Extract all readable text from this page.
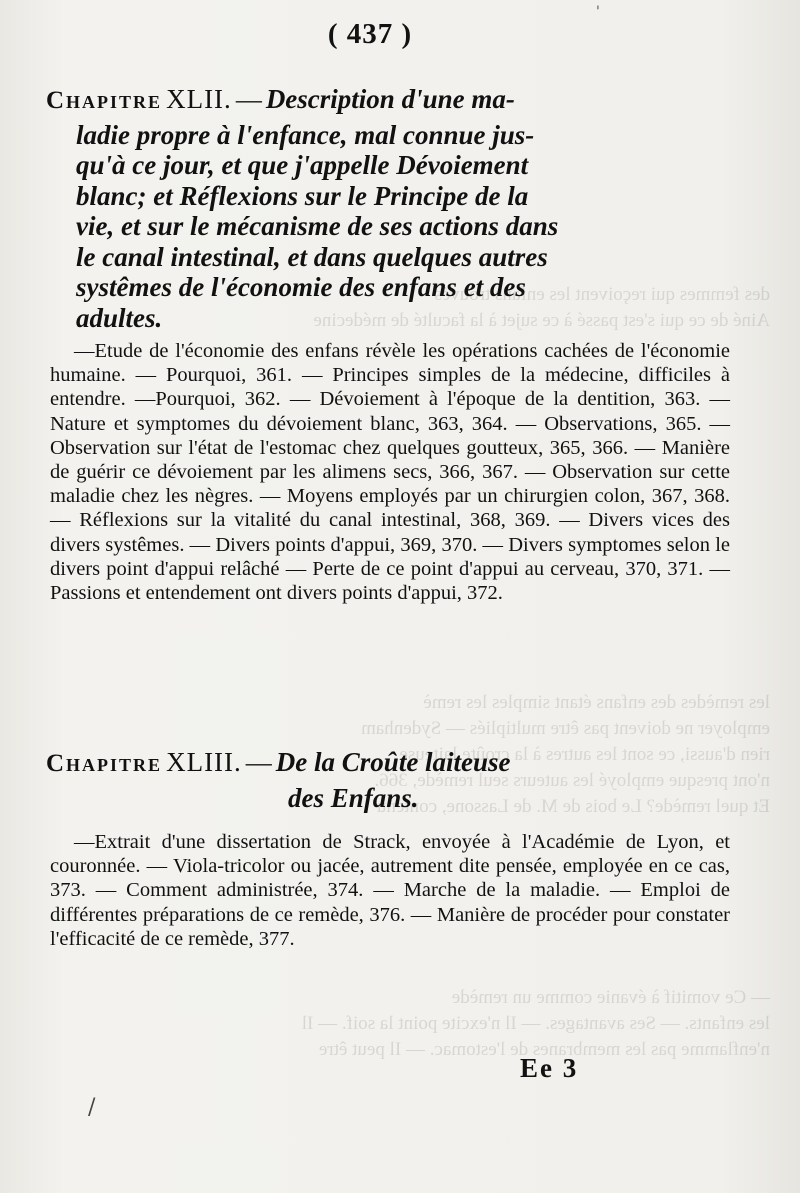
des femmes qui reçoivent les enfans trouvés
Ainé de ce qui s'est passé à ce sujet à la faculté de médecine
les remèdes des enfans étant simples les remè
employer ne doivent pas être multipliés — Sydenham
rien d'aussi, ce sont les autres à la croûte laiteuse
n'ont presque employé les auteurs seul remède, 366.
Et quel remède? Le bois de M. de Lassone, contenu
— Ce vomitif à évanie comme un remède
les enfants. — Ses avantages. — Il n'excite point la soif. — Il
n'enflamme pas les membranes de l'estomac. — Il peut être
'
( 437 )
Chapitre XLII. — Description d'une ma-
ladie propre à l'enfance, mal connue jus-
qu'à ce jour, et que j'appelle Dévoiement
blanc; et Réflexions sur le Principe de la
vie, et sur le mécanisme de ses actions dans
le canal intestinal, et dans quelques autres
systêmes de l'économie des enfans et des
adultes.
—Etude de l'économie des enfans révèle les opérations cachées de l'économie humaine. — Pourquoi, 361. — Principes simples de la médecine, difficiles à entendre. —Pourquoi, 362. — Dévoiement à l'époque de la dentition, 363. — Nature et symptomes du dévoiement blanc, 363, 364. — Observations, 365. — Observation sur l'état de l'estomac chez quelques goutteux, 365, 366. — Manière de guérir ce dévoiement par les alimens secs, 366, 367. — Observation sur cette maladie chez les nègres. — Moyens employés par un chirurgien colon, 367, 368. — Réflexions sur la vitalité du canal intestinal, 368, 369. — Divers vices des divers systêmes. — Divers points d'appui, 369, 370. — Divers symptomes selon le divers point d'appui relâché — Perte de ce point d'appui au cerveau, 370, 371. — Passions et entendement ont divers points d'appui, 372.
Chapitre XLIII. — De la Croûte laiteuse
des Enfans.
—Extrait d'une dissertation de Strack, envoyée à l'Académie de Lyon, et couronnée. — Viola-tricolor ou jacée, autrement dite pensée, employée en ce cas, 373. — Comment administrée, 374. — Marche de la maladie. — Emploi de différentes préparations de ce remède, 376. — Manière de procéder pour constater l'efficacité de ce remède, 377.
Ee 3
/
